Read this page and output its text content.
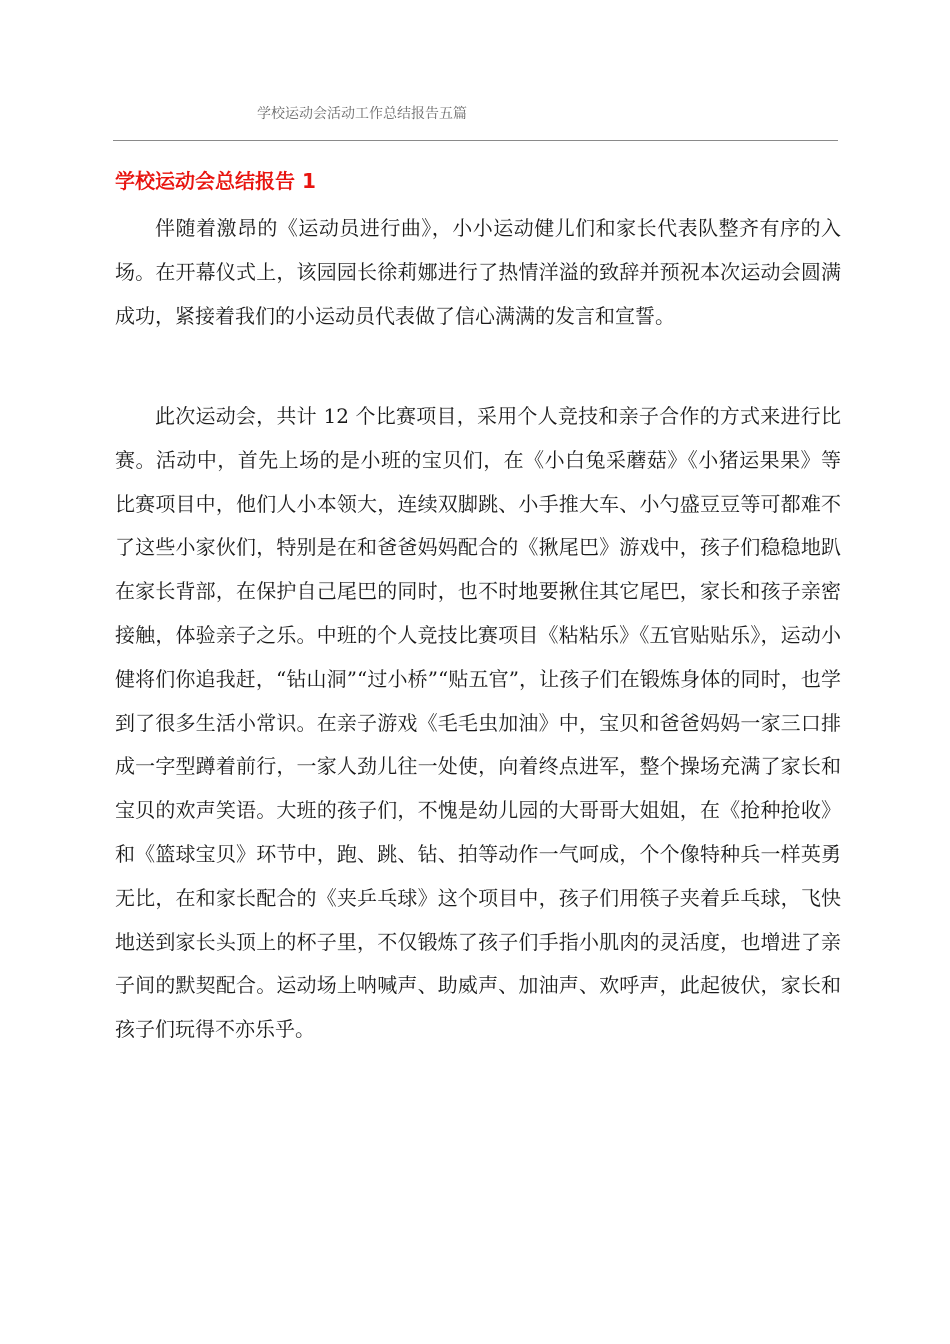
学校运动会活动工作总结报告五篇
学校运动会总结报告 1

伴随着激昂的《运动员进行曲》，小小运动健儿们和家长代表队整齐有序的入场。在开幕仪式上，该园园长徐莉娜进行了热情洋溢的致辞并预祝本次运动会圆满成功，紧接着我们的小运动员代表做了信心满满的发言和宣誓。

此次运动会，共计 12 个比赛项目，采用个人竞技和亲子合作的方式来进行比赛。活动中，首先上场的是小班的宝贝们，在《小白兔采蘑菇》《小猪运果果》等比赛项目中，他们人小本领大，连续双脚跳、小手推大车、小勺盛豆豆等可都难不了这些小家伙们，特别是在和爸爸妈妈配合的《揪尾巴》游戏中，孩子们稳稳地趴在家长背部，在保护自己尾巴的同时，也不时地要揪住其它尾巴，家长和孩子亲密接触，体验亲子之乐。中班的个人竞技比赛项目《粘粘乐》《五官贴贴乐》，运动小健将们你追我赶，“钻山洞”“过小桥”“贴五官”，让孩子们在锻炼身体的同时，也学到了很多生活小常识。在亲子游戏《毛毛虫加油》中，宝贝和爸爸妈妈一家三口排成一字型蹲着前行，一家人劲儿往一处使，向着终点进军，整个操场充满了家长和宝贝的欢声笑语。大班的孩子们，不愧是幼儿园的大哥哥大姐姐，在《抢种抢收》和《篮球宝贝》环节中，跑、跳、钻、拍等动作一气呵成，个个像特种兵一样英勇无比，在和家长配合的《夹乒乓球》这个项目中，孩子们用筷子夹着乒乓球，飞快地送到家长头顶上的杯子里，不仅锻炼了孩子们手指小肌肉的灵活度，也增进了亲子间的默契配合。运动场上呐喊声、助威声、加油声、欢呼声，此起彼伏，家长和孩子们玩得不亦乐乎。
